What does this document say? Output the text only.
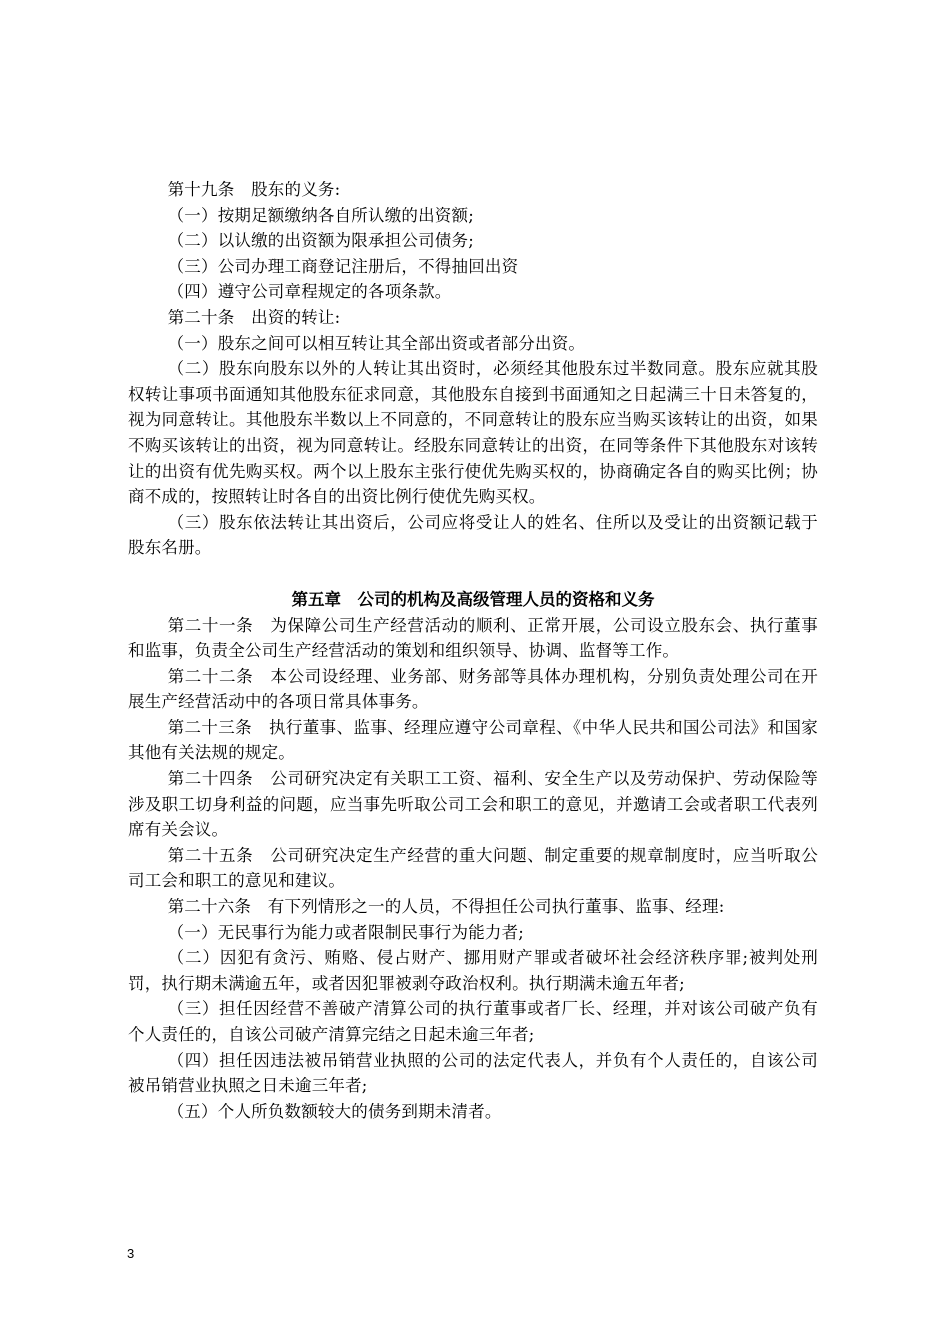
第十九条　股东的义务:

（一）按期足额缴纳各自所认缴的出资额;

（二）以认缴的出资额为限承担公司债务;

（三）公司办理工商登记注册后，不得抽回出资

（四）遵守公司章程规定的各项条款。

第二十条　出资的转让:

（一）股东之间可以相互转让其全部出资或者部分出资。

（二）股东向股东以外的人转让其出资时，必须经其他股东过半数同意。股东应就其股权转让事项书面通知其他股东征求同意，其他股东自接到书面通知之日起满三十日未答复的，视为同意转让。其他股东半数以上不同意的，不同意转让的股东应当购买该转让的出资，如果不购买该转让的出资，视为同意转让。经股东同意转让的出资，在同等条件下其他股东对该转让的出资有优先购买权。两个以上股东主张行使优先购买权的，协商确定各自的购买比例；协商不成的，按照转让时各自的出资比例行使优先购买权。

（三）股东依法转让其出资后，公司应将受让人的姓名、住所以及受让的出资额记载于股东名册。

第五章　公司的机构及高级管理人员的资格和义务

第二十一条　为保障公司生产经营活动的顺利、正常开展，公司设立股东会、执行董事和监事，负责全公司生产经营活动的策划和组织领导、协调、监督等工作。

第二十二条　本公司设经理、业务部、财务部等具体办理机构，分别负责处理公司在开展生产经营活动中的各项日常具体事务。

第二十三条　执行董事、监事、经理应遵守公司章程、《中华人民共和国公司法》和国家其他有关法规的规定。

第二十四条　公司研究决定有关职工工资、福利、安全生产以及劳动保护、劳动保险等涉及职工切身利益的问题，应当事先听取公司工会和职工的意见，并邀请工会或者职工代表列席有关会议。

第二十五条　公司研究决定生产经营的重大问题、制定重要的规章制度时，应当听取公司工会和职工的意见和建议。

第二十六条　有下列情形之一的人员，不得担任公司执行董事、监事、经理:

（一）无民事行为能力或者限制民事行为能力者;

（二）因犯有贪污、贿赂、侵占财产、挪用财产罪或者破坏社会经济秩序罪;被判处刑罚，执行期未满逾五年，或者因犯罪被剥夺政治权利。执行期满未逾五年者;

（三）担任因经营不善破产清算公司的执行董事或者厂长、经理，并对该公司破产负有个人责任的，自该公司破产清算完结之日起未逾三年者;

（四）担任因违法被吊销营业执照的公司的法定代表人，并负有个人责任的，自该公司被吊销营业执照之日未逾三年者;

（五）个人所负数额较大的债务到期未清者。

3
